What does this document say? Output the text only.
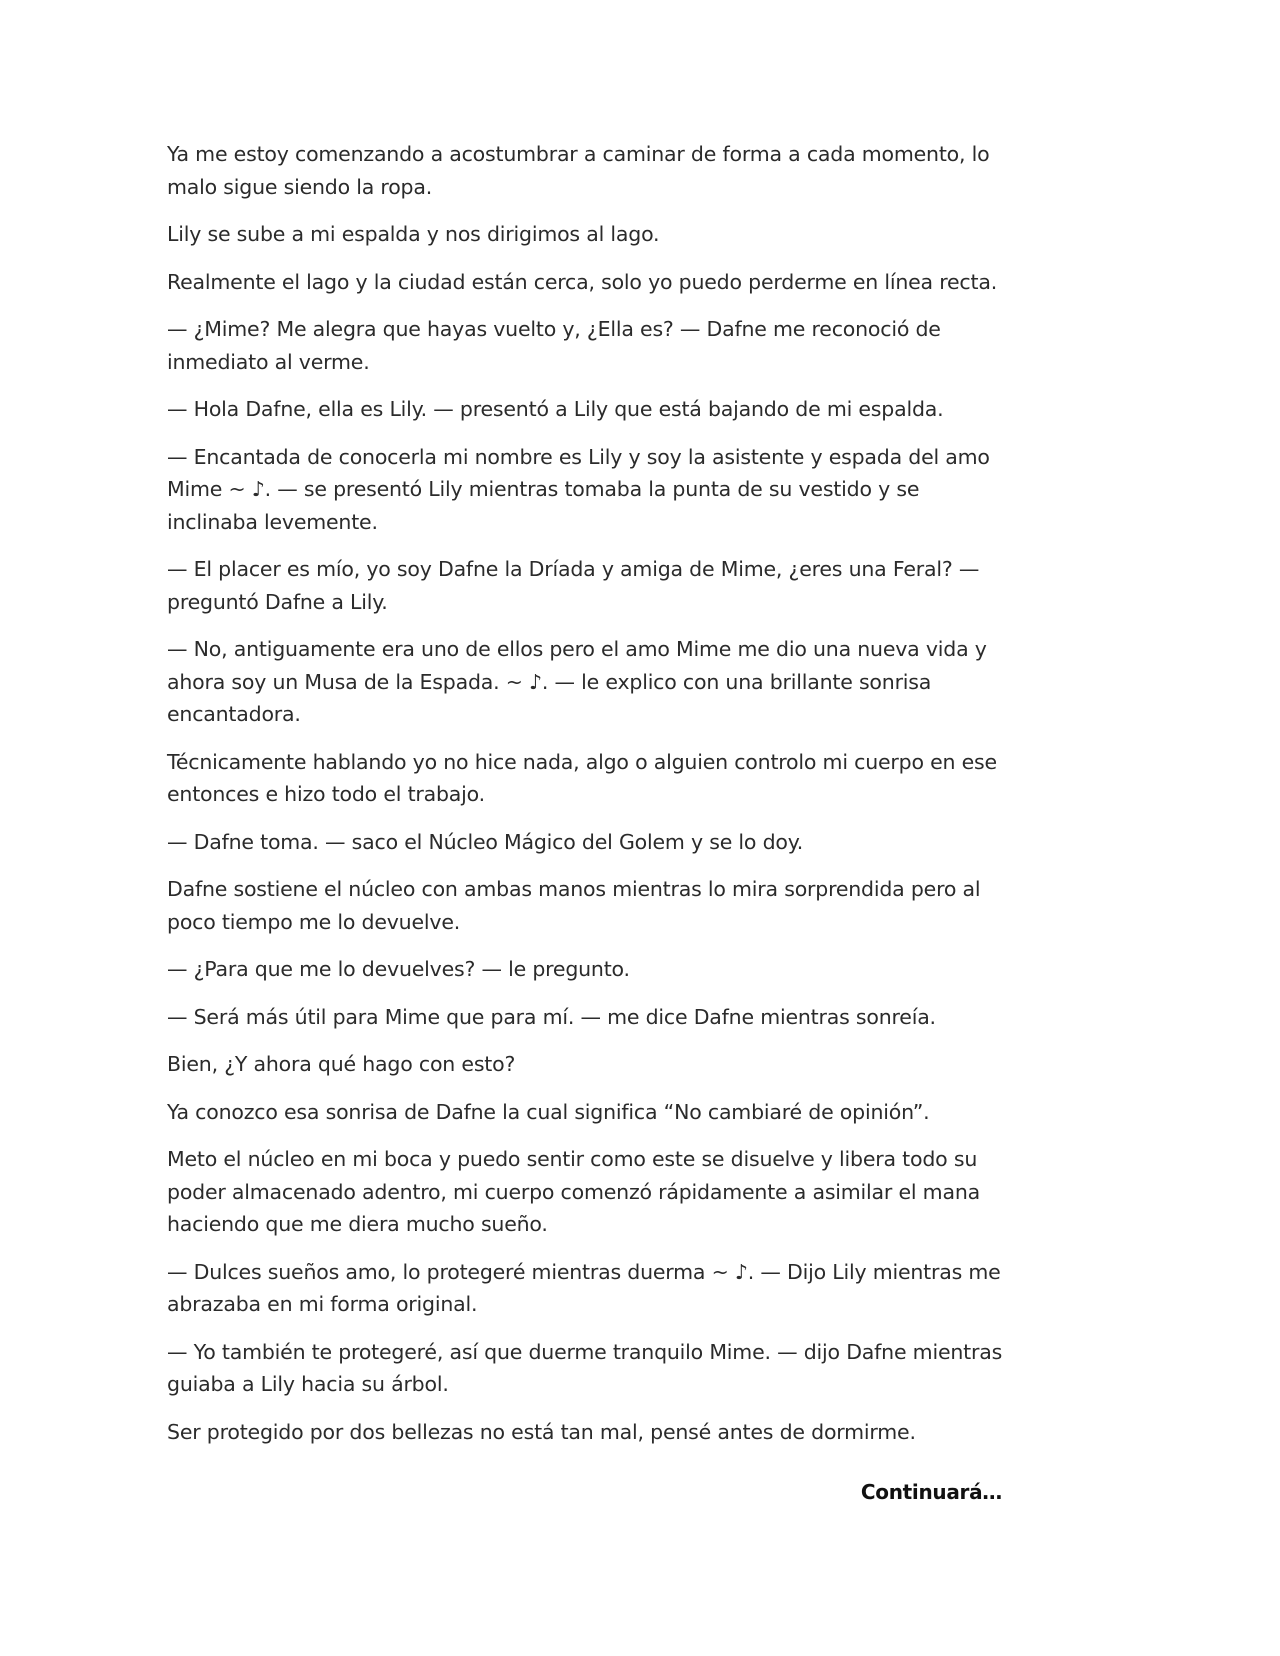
Ya me estoy comenzando a acostumbrar a caminar de forma a cada momento, lo malo sigue siendo la ropa.

Lily se sube a mi espalda y nos dirigimos al lago.

Realmente el lago y la ciudad están cerca, solo yo puedo perderme en línea recta.

— ¿Mime? Me alegra que hayas vuelto y, ¿Ella es? — Dafne me reconoció de inmediato al verme.

— Hola Dafne, ella es Lily. — presentó a Lily que está bajando de mi espalda.

— Encantada de conocerla mi nombre es Lily y soy la asistente y espada del amo Mime ~ ♪. — se presentó Lily mientras tomaba la punta de su vestido y se inclinaba levemente.

— El placer es mío, yo soy Dafne la Dríada y amiga de Mime, ¿eres una Feral? — preguntó Dafne a Lily.

— No, antiguamente era uno de ellos pero el amo Mime me dio una nueva vida y ahora soy un Musa de la Espada. ~ ♪. — le explico con una brillante sonrisa encantadora.

Técnicamente hablando yo no hice nada, algo o alguien controlo mi cuerpo en ese entonces e hizo todo el trabajo.

— Dafne toma. — saco el Núcleo Mágico del Golem y se lo doy.

Dafne sostiene el núcleo con ambas manos mientras lo mira sorprendida pero al poco tiempo me lo devuelve.

— ¿Para que me lo devuelves? — le pregunto.

— Será más útil para Mime que para mí. — me dice Dafne mientras sonreía.

Bien, ¿Y ahora qué hago con esto?

Ya conozco esa sonrisa de Dafne la cual significa “No cambiaré de opinión”.

Meto el núcleo en mi boca y puedo sentir como este se disuelve y libera todo su poder almacenado adentro, mi cuerpo comenzó rápidamente a asimilar el mana haciendo que me diera mucho sueño.

— Dulces sueños amo, lo protegeré mientras duerma ~ ♪. — Dijo Lily mientras me abrazaba en mi forma original.

— Yo también te protegeré, así que duerme tranquilo Mime. — dijo Dafne mientras guiaba a Lily hacia su árbol.

Ser protegido por dos bellezas no está tan mal, pensé antes de dormirme.

Continuará…
